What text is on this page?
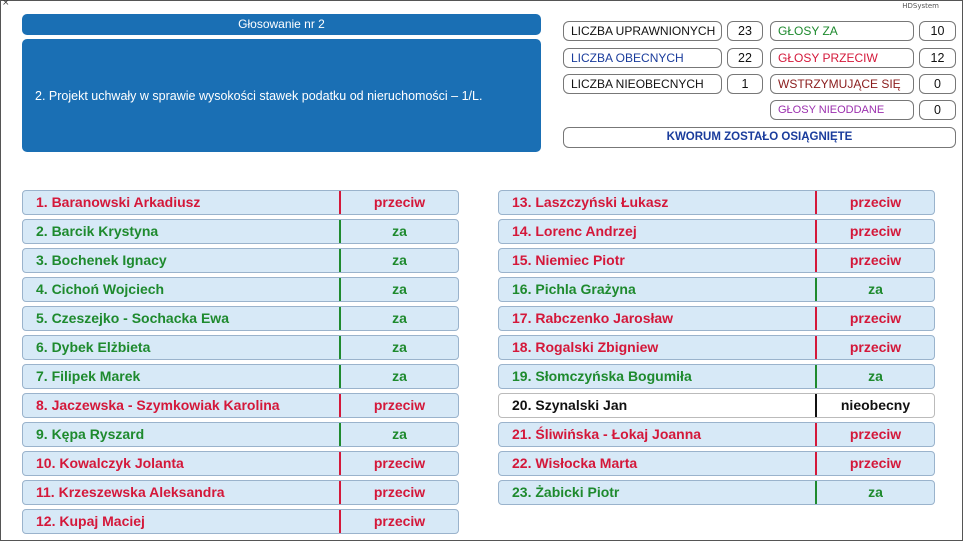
×	HDSystem
Głosowanie nr 2
2. Projekt uchwały w sprawie wysokości stawek podatku od nieruchomości – 1/L.
LICZBA UPRAWNIONYCH	23
LICZBA OBECNYCH	22
LICZBA NIEOBECNYCH	1
GŁOSY ZA	10
GŁOSY PRZECIW	12
WSTRZYMUJĄCE SIĘ	0
GŁOSY NIEODDANE	0
KWORUM ZOSTAŁO OSIĄGNIĘTE
1. Baranowski Arkadiusz	przeciw
2. Barcik Krystyna	za
3. Bochenek Ignacy	za
4. Cichoń Wojciech	za
5. Czeszejko - Sochacka Ewa	za
6. Dybek Elżbieta	za
7. Filipek Marek	za
8. Jaczewska - Szymkowiak Karolina	przeciw
9. Kępa Ryszard	za
10. Kowalczyk Jolanta	przeciw
11. Krzeszewska Aleksandra	przeciw
12. Kupaj Maciej	przeciw
13. Laszczyński Łukasz	przeciw
14. Lorenc Andrzej	przeciw
15. Niemiec Piotr	przeciw
16. Pichla Grażyna	za
17. Rabczenko Jarosław	przeciw
18. Rogalski Zbigniew	przeciw
19. Słomczyńska Bogumiła	za
20. Szynalski Jan	nieobecny
21. Śliwińska - Łokaj Joanna	przeciw
22. Wisłocka Marta	przeciw
23. Żabicki Piotr	za
